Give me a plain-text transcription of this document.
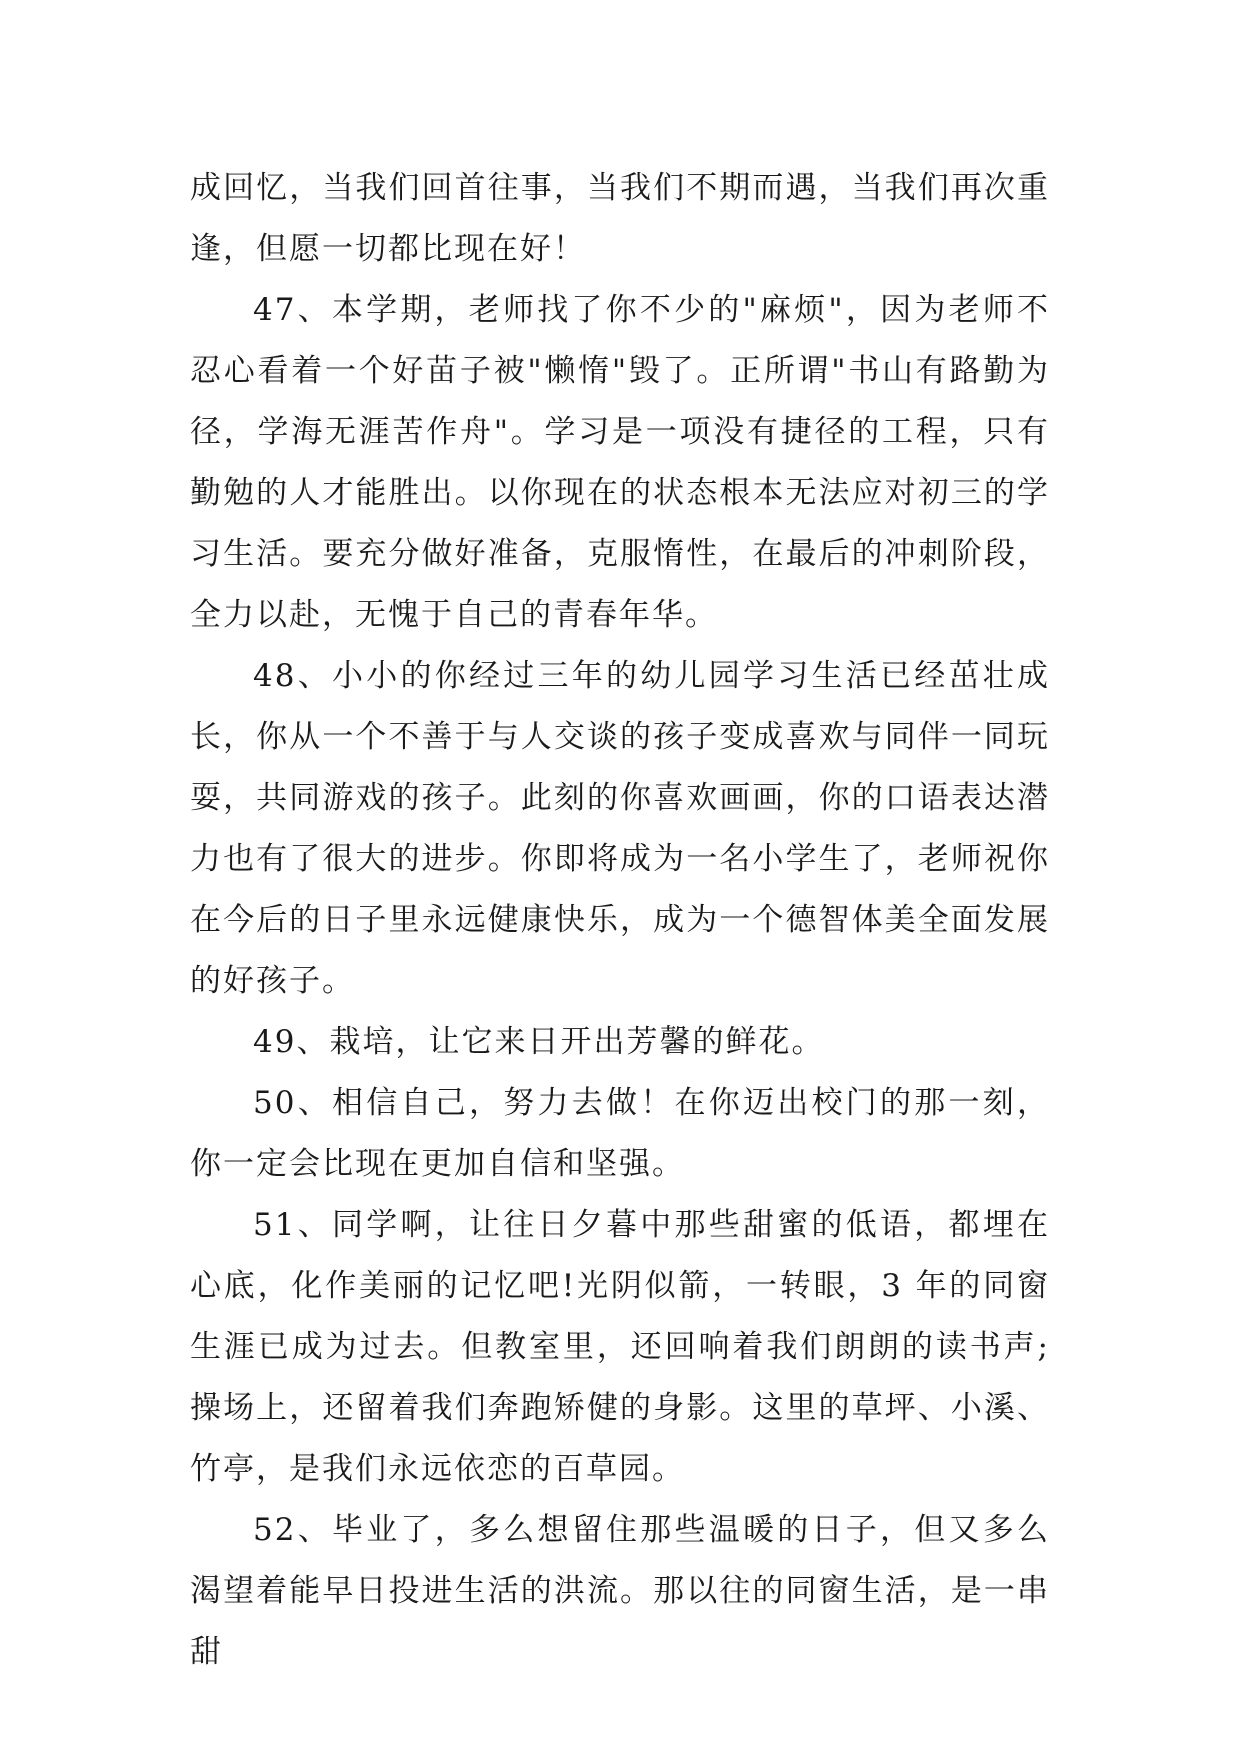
成回忆，当我们回首往事，当我们不期而遇，当我们再次重逢，但愿一切都比现在好！

47、本学期，老师找了你不少的"麻烦"，因为老师不忍心看着一个好苗子被"懒惰"毁了。正所谓"书山有路勤为径，学海无涯苦作舟"。学习是一项没有捷径的工程，只有勤勉的人才能胜出。以你现在的状态根本无法应对初三的学习生活。要充分做好准备，克服惰性，在最后的冲刺阶段，全力以赴，无愧于自己的青春年华。

48、小小的你经过三年的幼儿园学习生活已经茁壮成长，你从一个不善于与人交谈的孩子变成喜欢与同伴一同玩耍，共同游戏的孩子。此刻的你喜欢画画，你的口语表达潜力也有了很大的进步。你即将成为一名小学生了，老师祝你在今后的日子里永远健康快乐，成为一个德智体美全面发展的好孩子。

49、栽培，让它来日开出芳馨的鲜花。

50、相信自己，努力去做！在你迈出校门的那一刻，你一定会比现在更加自信和坚强。

51、同学啊，让往日夕暮中那些甜蜜的低语，都埋在心底，化作美丽的记忆吧!光阴似箭，一转眼，3 年的同窗生涯已成为过去。但教室里，还回响着我们朗朗的读书声;操场上，还留着我们奔跑矫健的身影。这里的草坪、小溪、竹亭，是我们永远依恋的百草园。

52、毕业了，多么想留住那些温暖的日子，但又多么渴望着能早日投进生活的洪流。那以往的同窗生活，是一串甜
